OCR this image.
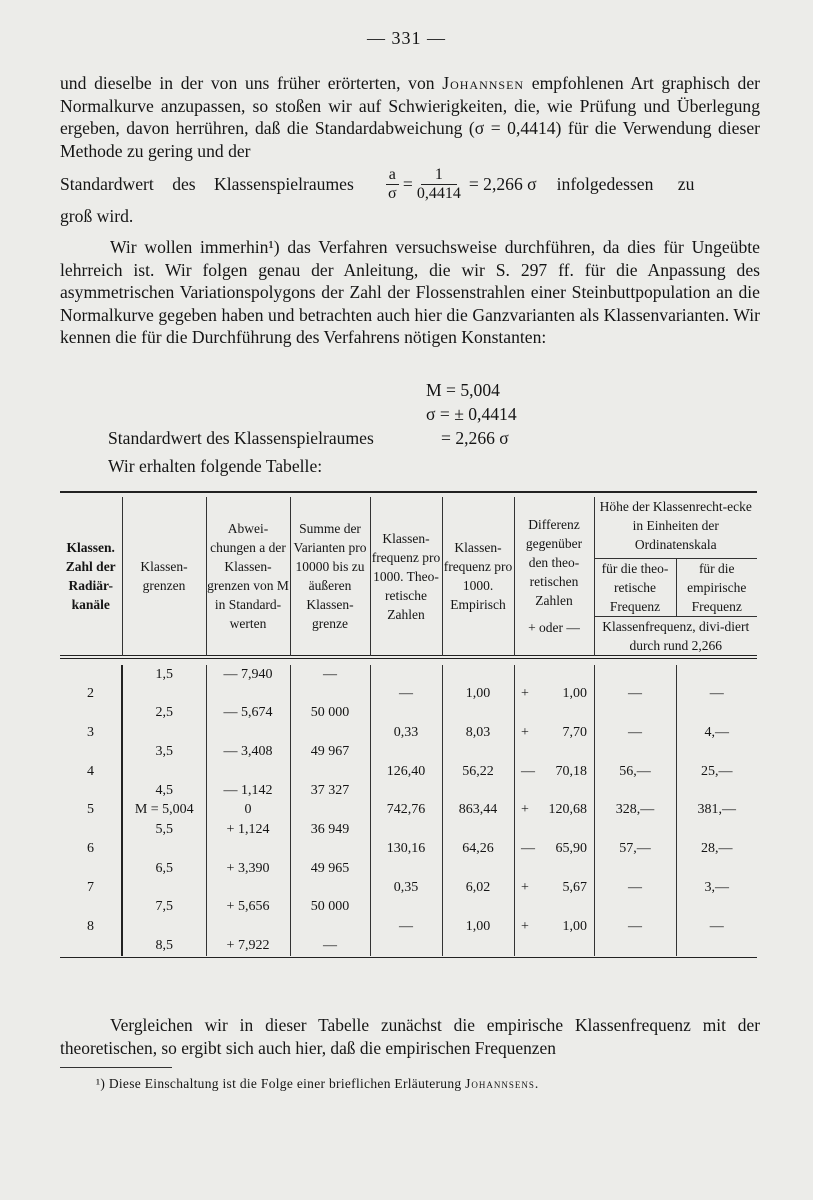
— 331 —
und dieselbe in der von uns früher erörterten, von Johannsen empfohlenen Art graphisch der Normalkurve anzupassen, so stoßen wir auf Schwierigkeiten, die, wie Prüfung und Überlegung ergeben, davon herrühren, daß die Standardabweichung (σ = 0,4414) für die Verwendung dieser Methode zu gering und der
Standardwert des Klassenspielraumes $\frac{a}{\sigma} = \frac{1}{0,4414} = 2,266$ σ infolgedessen zu
groß wird.
Wir wollen immerhin¹) das Verfahren versuchsweise durchführen, da dies für Ungeübte lehrreich ist. Wir folgen genau der Anleitung, die wir S. 297 ff. für die Anpassung des asymmetrischen Variationspolygons der Zahl der Flossenstrahlen einer Steinbuttpopulation an die Normalkurve gegeben haben und betrachten auch hier die Ganzvarianten als Klassenvarianten. Wir kennen die für die Durchführung des Verfahrens nötigen Konstanten:
M = 5,004
σ = ± 0,4414
Standardwert des Klassenspielraumes	= 2,266 σ
Wir erhalten folgende Tabelle:

Klassen. Zahl der Radiär-kanäle	Klassen-grenzen	Abwei-chungen a der Klassen-grenzen von M in Standard-werten	Summe der Varianten pro 10000 bis zu äußeren Klassen-grenze	Klassen-frequenz pro 1000. Theo-retische Zahlen	Klassen-frequenz pro 1000. Empirisch	Differenz gegenüber den theo-retischen Zahlen
+ oder —	Höhe der Klassenrecht-ecke in Einheiten der Ordinatenskala	
							für die theo-retische Frequenz	für die empirische Frequenz
							Klassenfrequenz, divi-diert durch rund 2,266	

	1,5	— 7,940	—					
2				—	1,00	+ 1,00	—	—
	2,5	— 5,674	50 000					
3				0,33	8,03	+ 7,70	—	4,—
	3,5	— 3,408	49 967					
4				126,40	56,22	— 70,18	56,—	25,—
	4,5	— 1,142	37 327					
5	M = 5,004	0		742,76	863,44	+ 120,68	328,—	381,—
	5,5	+ 1,124	36 949					
6				130,16	64,26	— 65,90	57,—	28,—
	6,5	+ 3,390	49 965					
7				0,35	6,02	+ 5,67	—	3,—
	7,5	+ 5,656	50 000					
8				—	1,00	+ 1,00	—	—
	8,5	+ 7,922	—					

Vergleichen wir in dieser Tabelle zunächst die empirische Klassenfrequenz mit der theoretischen, so ergibt sich auch hier, daß die empirischen Frequenzen
¹) Diese Einschaltung ist die Folge einer brieflichen Erläuterung Johannsens.
